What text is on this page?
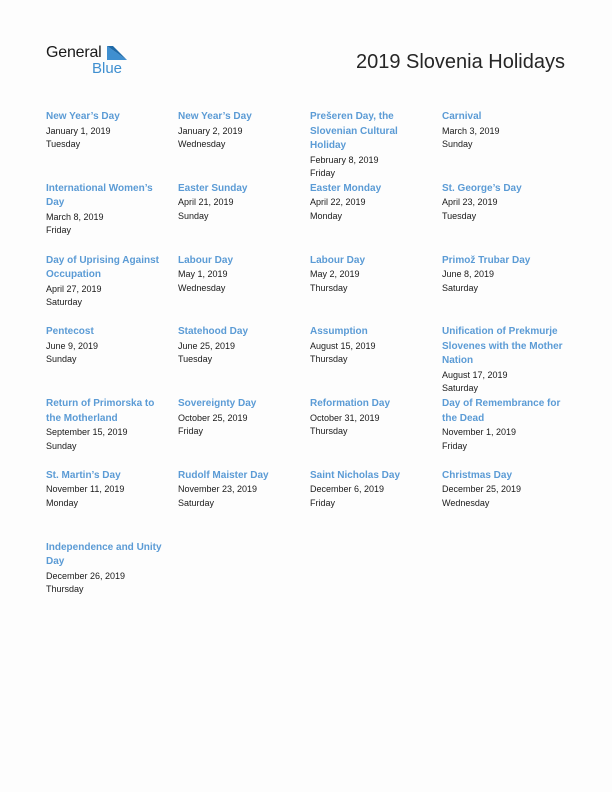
General
Blue	2019 Slovenia Holidays
New Year’s Day
January 1, 2019
Tuesday
New Year’s Day
January 2, 2019
Wednesday
Prešeren Day, the Slovenian Cultural Holiday
February 8, 2019
Friday
Carnival
March 3, 2019
Sunday
International Women’s Day
March 8, 2019
Friday
Easter Sunday
April 21, 2019
Sunday
Easter Monday
April 22, 2019
Monday
St. George’s Day
April 23, 2019
Tuesday
Day of Uprising Against Occupation
April 27, 2019
Saturday
Labour Day
May 1, 2019
Wednesday
Labour Day
May 2, 2019
Thursday
Primož Trubar Day
June 8, 2019
Saturday
Pentecost
June 9, 2019
Sunday
Statehood Day
June 25, 2019
Tuesday
Assumption
August 15, 2019
Thursday
Unification of Prekmurje Slovenes with the Mother Nation
August 17, 2019
Saturday
Return of Primorska to the Motherland
September 15, 2019
Sunday
Sovereignty Day
October 25, 2019
Friday
Reformation Day
October 31, 2019
Thursday
Day of Remembrance for the Dead
November 1, 2019
Friday
St. Martin’s Day
November 11, 2019
Monday
Rudolf Maister Day
November 23, 2019
Saturday
Saint Nicholas Day
December 6, 2019
Friday
Christmas Day
December 25, 2019
Wednesday
Independence and Unity Day
December 26, 2019
Thursday
